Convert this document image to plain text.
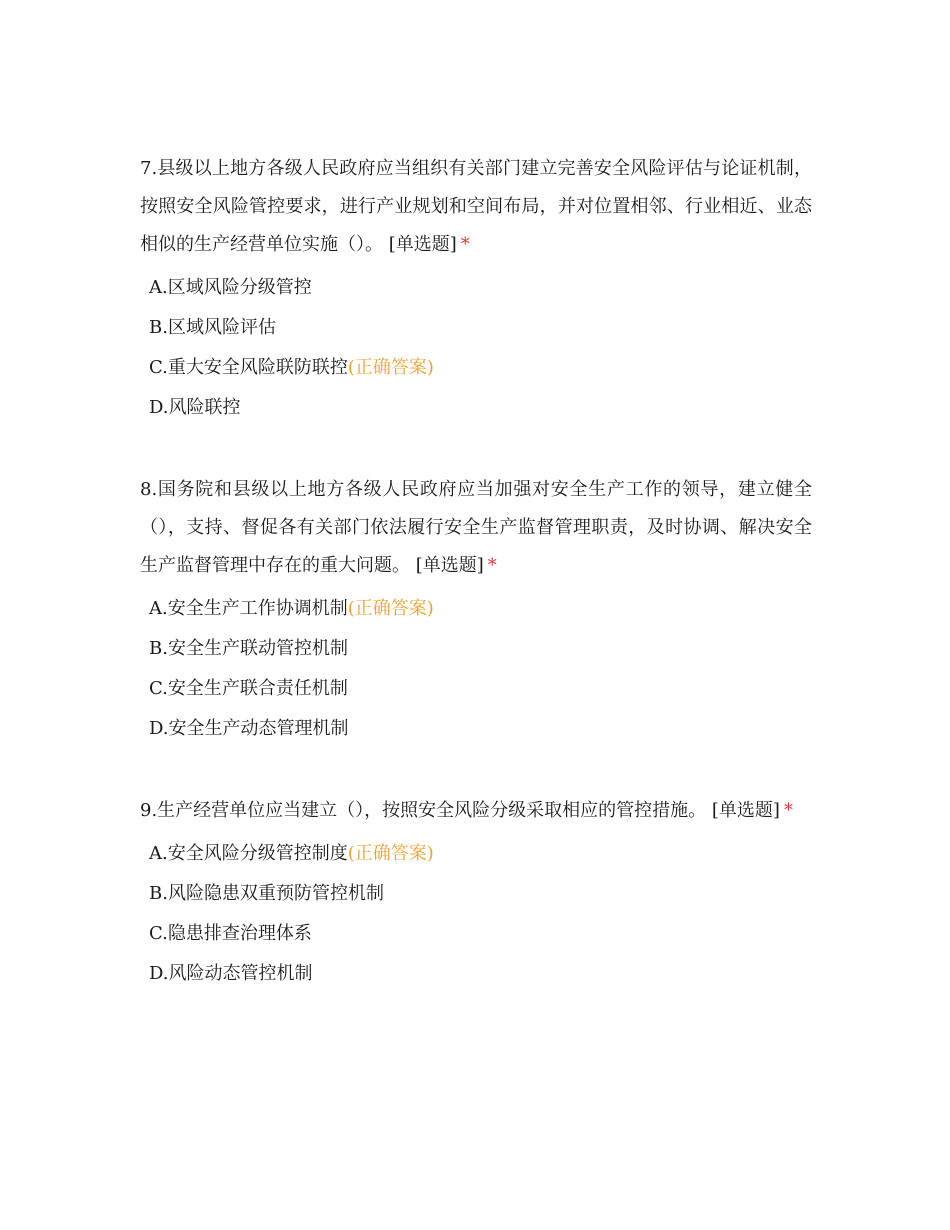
7.县级以上地方各级人民政府应当组织有关部门建立完善安全风险评估与论证机制，按照安全风险管控要求，进行产业规划和空间布局，并对位置相邻、行业相近、业态相似的生产经营单位实施（）。 [单选题] *

A.区域风险分级管控
B.区域风险评估
C.重大安全风险联防联控(正确答案)
D.风险联控

8.国务院和县级以上地方各级人民政府应当加强对安全生产工作的领导，建立健全（），支持、督促各有关部门依法履行安全生产监督管理职责，及时协调、解决安全生产监督管理中存在的重大问题。 [单选题] *

A.安全生产工作协调机制(正确答案)
B.安全生产联动管控机制
C.安全生产联合责任机制
D.安全生产动态管理机制

9.生产经营单位应当建立（），按照安全风险分级采取相应的管控措施。 [单选题] *

A.安全风险分级管控制度(正确答案)
B.风险隐患双重预防管控机制
C.隐患排查治理体系
D.风险动态管控机制
